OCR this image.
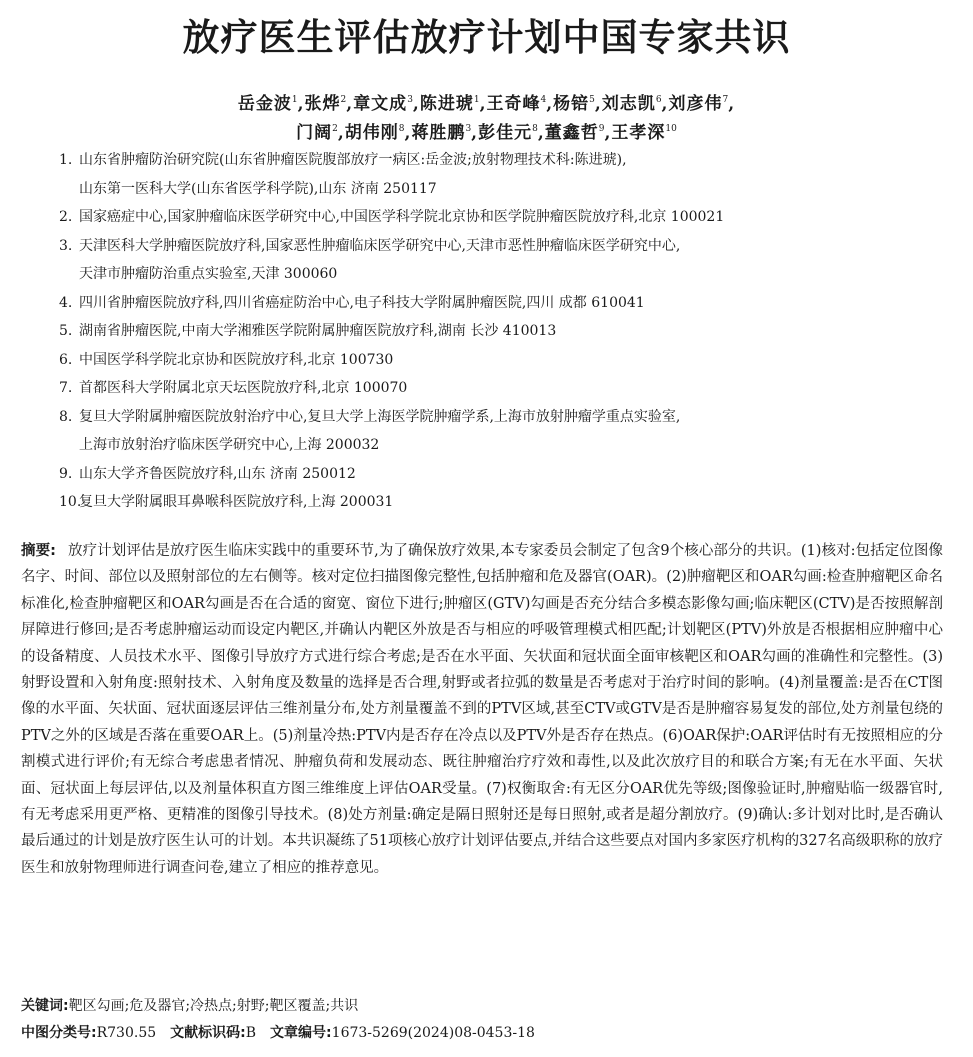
放疗医生评估放疗计划中国专家共识
岳金波$^1$,张烨$^2$,章文成$^3$,陈进琥$^1$,王奇峰$^4$,杨锫$^5$,刘志凯$^6$,刘彦伟$^7$,
门阔$^2$,胡伟刚$^8$,蒋胜鹏$^3$,彭佳元$^8$,董鑫哲$^9$,王孝深$^{10}$
1. 山东省肿瘤防治研究院(山东省肿瘤医院腹部放疗一病区:岳金波;放射物理技术科:陈进琥),
山东第一医科大学(山东省医学科学院),山东 济南 250117
2. 国家癌症中心,国家肿瘤临床医学研究中心,中国医学科学院北京协和医学院肿瘤医院放疗科,北京 100021
3. 天津医科大学肿瘤医院放疗科,国家恶性肿瘤临床医学研究中心,天津市恶性肿瘤临床医学研究中心,
天津市肿瘤防治重点实验室,天津 300060
4. 四川省肿瘤医院放疗科,四川省癌症防治中心,电子科技大学附属肿瘤医院,四川 成都 610041
5. 湖南省肿瘤医院,中南大学湘雅医学院附属肿瘤医院放疗科,湖南 长沙 410013
6. 中国医学科学院北京协和医院放疗科,北京 100730
7. 首都医科大学附属北京天坛医院放疗科,北京 100070
8. 复旦大学附属肿瘤医院放射治疗中心,复旦大学上海医学院肿瘤学系,上海市放射肿瘤学重点实验室,
上海市放射治疗临床医学研究中心,上海 200032
9. 山东大学齐鲁医院放疗科,山东 济南 250012
10.复旦大学附属眼耳鼻喉科医院放疗科,上海 200031
摘要: 放疗计划评估是放疗医生临床实践中的重要环节,为了确保放疗效果,本专家委员会制定了包含9个核心部分的共识。(1)核对:包括定位图像名字、时间、部位以及照射部位的左右侧等。核对定位扫描图像完整性,包括肿瘤和危及器官(OAR)。(2)肿瘤靶区和OAR勾画:检查肿瘤靶区命名标准化,检查肿瘤靶区和OAR勾画是否在合适的窗宽、窗位下进行;肿瘤区(GTV)勾画是否充分结合多模态影像勾画;临床靶区(CTV)是否按照解剖屏障进行修回;是否考虑肿瘤运动而设定内靶区,并确认内靶区外放是否与相应的呼吸管理模式相匹配;计划靶区(PTV)外放是否根据相应肿瘤中心的设备精度、人员技术水平、图像引导放疗方式进行综合考虑;是否在水平面、矢状面和冠状面全面审核靶区和OAR勾画的准确性和完整性。(3)射野设置和入射角度:照射技术、入射角度及数量的选择是否合理,射野或者拉弧的数量是否考虑对于治疗时间的影响。(4)剂量覆盖:是否在CT图像的水平面、矢状面、冠状面逐层评估三维剂量分布,处方剂量覆盖不到的PTV区域,甚至CTV或GTV是否是肿瘤容易复发的部位,处方剂量包绕的PTV之外的区域是否落在重要OAR上。(5)剂量冷热:PTV内是否存在冷点以及PTV外是否存在热点。(6)OAR保护:OAR评估时有无按照相应的分割模式进行评价;有无综合考虑患者情况、肿瘤负荷和发展动态、既往肿瘤治疗疗效和毒性,以及此次放疗目的和联合方案;有无在水平面、矢状面、冠状面上每层评估,以及剂量体积直方图三维维度上评估OAR受量。(7)权衡取舍:有无区分OAR优先等级;图像验证时,肿瘤贴临一级器官时,有无考虑采用更严格、更精准的图像引导技术。(8)处方剂量:确定是隔日照射还是每日照射,或者是超分割放疗。(9)确认:多计划对比时,是否确认最后通过的计划是放疗医生认可的计划。本共识凝练了51项核心放疗计划评估要点,并结合这些要点对国内多家医疗机构的327名高级职称的放疗医生和放射物理师进行调查问卷,建立了相应的推荐意见。
关键词:靶区勾画;危及器官;冷热点;射野;靶区覆盖;共识
中图分类号:R730.55 文献标识码:B 文章编号:1673-5269(2024)08-0453-18
